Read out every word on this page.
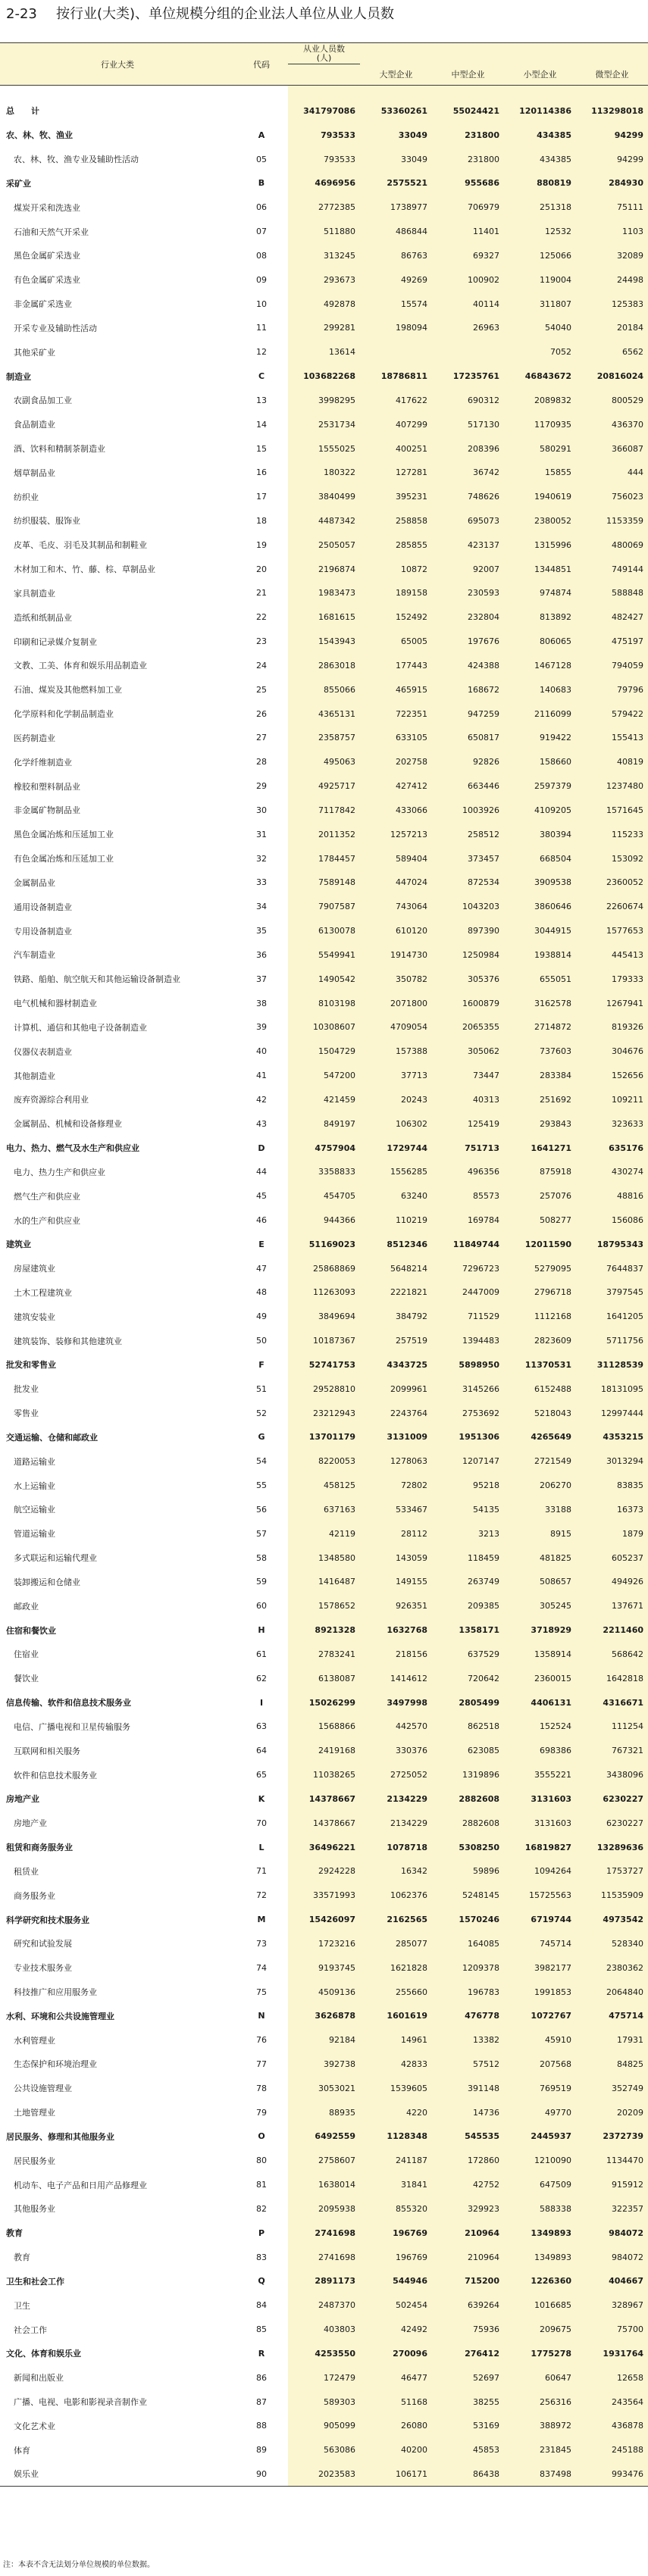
2-23 按行业(大类)、单位规模分组的企业法人单位从业人员数
行业大类	代码	从业人员数
(人)				

			大型企业	中型企业	小型企业	微型企业

总　　计		341797086	53360261	55024421	120114386	113298018
农、林、牧、渔业	A	793533	33049	231800	434385	94299
农、林、牧、渔专业及辅助性活动	05	793533	33049	231800	434385	94299
采矿业	B	4696956	2575521	955686	880819	284930
煤炭开采和洗选业	06	2772385	1738977	706979	251318	75111
石油和天然气开采业	07	511880	486844	11401	12532	1103
黑色金属矿采选业	08	313245	86763	69327	125066	32089
有色金属矿采选业	09	293673	49269	100902	119004	24498
非金属矿采选业	10	492878	15574	40114	311807	125383
开采专业及辅助性活动	11	299281	198094	26963	54040	20184
其他采矿业	12	13614			7052	6562
制造业	C	103682268	18786811	17235761	46843672	20816024
农副食品加工业	13	3998295	417622	690312	2089832	800529
食品制造业	14	2531734	407299	517130	1170935	436370
酒、饮料和精制茶制造业	15	1555025	400251	208396	580291	366087
烟草制品业	16	180322	127281	36742	15855	444
纺织业	17	3840499	395231	748626	1940619	756023
纺织服装、服饰业	18	4487342	258858	695073	2380052	1153359
皮革、毛皮、羽毛及其制品和制鞋业	19	2505057	285855	423137	1315996	480069
木材加工和木、竹、藤、棕、草制品业	20	2196874	10872	92007	1344851	749144
家具制造业	21	1983473	189158	230593	974874	588848
造纸和纸制品业	22	1681615	152492	232804	813892	482427
印刷和记录媒介复制业	23	1543943	65005	197676	806065	475197
文教、工美、体育和娱乐用品制造业	24	2863018	177443	424388	1467128	794059
石油、煤炭及其他燃料加工业	25	855066	465915	168672	140683	79796
化学原料和化学制品制造业	26	4365131	722351	947259	2116099	579422
医药制造业	27	2358757	633105	650817	919422	155413
化学纤维制造业	28	495063	202758	92826	158660	40819
橡胶和塑料制品业	29	4925717	427412	663446	2597379	1237480
非金属矿物制品业	30	7117842	433066	1003926	4109205	1571645
黑色金属冶炼和压延加工业	31	2011352	1257213	258512	380394	115233
有色金属冶炼和压延加工业	32	1784457	589404	373457	668504	153092
金属制品业	33	7589148	447024	872534	3909538	2360052
通用设备制造业	34	7907587	743064	1043203	3860646	2260674
专用设备制造业	35	6130078	610120	897390	3044915	1577653
汽车制造业	36	5549941	1914730	1250984	1938814	445413
铁路、船舶、航空航天和其他运输设备制造业	37	1490542	350782	305376	655051	179333
电气机械和器材制造业	38	8103198	2071800	1600879	3162578	1267941
计算机、通信和其他电子设备制造业	39	10308607	4709054	2065355	2714872	819326
仪器仪表制造业	40	1504729	157388	305062	737603	304676
其他制造业	41	547200	37713	73447	283384	152656
废弃资源综合利用业	42	421459	20243	40313	251692	109211
金属制品、机械和设备修理业	43	849197	106302	125419	293843	323633
电力、热力、燃气及水生产和供应业	D	4757904	1729744	751713	1641271	635176
电力、热力生产和供应业	44	3358833	1556285	496356	875918	430274
燃气生产和供应业	45	454705	63240	85573	257076	48816
水的生产和供应业	46	944366	110219	169784	508277	156086
建筑业	E	51169023	8512346	11849744	12011590	18795343
房屋建筑业	47	25868869	5648214	7296723	5279095	7644837
土木工程建筑业	48	11263093	2221821	2447009	2796718	3797545
建筑安装业	49	3849694	384792	711529	1112168	1641205
建筑装饰、装修和其他建筑业	50	10187367	257519	1394483	2823609	5711756
批发和零售业	F	52741753	4343725	5898950	11370531	31128539
批发业	51	29528810	2099961	3145266	6152488	18131095
零售业	52	23212943	2243764	2753692	5218043	12997444
交通运输、仓储和邮政业	G	13701179	3131009	1951306	4265649	4353215
道路运输业	54	8220053	1278063	1207147	2721549	3013294
水上运输业	55	458125	72802	95218	206270	83835
航空运输业	56	637163	533467	54135	33188	16373
管道运输业	57	42119	28112	3213	8915	1879
多式联运和运输代理业	58	1348580	143059	118459	481825	605237
装卸搬运和仓储业	59	1416487	149155	263749	508657	494926
邮政业	60	1578652	926351	209385	305245	137671
住宿和餐饮业	H	8921328	1632768	1358171	3718929	2211460
住宿业	61	2783241	218156	637529	1358914	568642
餐饮业	62	6138087	1414612	720642	2360015	1642818
信息传输、软件和信息技术服务业	I	15026299	3497998	2805499	4406131	4316671
电信、广播电视和卫星传输服务	63	1568866	442570	862518	152524	111254
互联网和相关服务	64	2419168	330376	623085	698386	767321
软件和信息技术服务业	65	11038265	2725052	1319896	3555221	3438096
房地产业	K	14378667	2134229	2882608	3131603	6230227
房地产业	70	14378667	2134229	2882608	3131603	6230227
租赁和商务服务业	L	36496221	1078718	5308250	16819827	13289636
租赁业	71	2924228	16342	59896	1094264	1753727
商务服务业	72	33571993	1062376	5248145	15725563	11535909
科学研究和技术服务业	M	15426097	2162565	1570246	6719744	4973542
研究和试验发展	73	1723216	285077	164085	745714	528340
专业技术服务业	74	9193745	1621828	1209378	3982177	2380362
科技推广和应用服务业	75	4509136	255660	196783	1991853	2064840
水利、环境和公共设施管理业	N	3626878	1601619	476778	1072767	475714
水利管理业	76	92184	14961	13382	45910	17931
生态保护和环境治理业	77	392738	42833	57512	207568	84825
公共设施管理业	78	3053021	1539605	391148	769519	352749
土地管理业	79	88935	4220	14736	49770	20209
居民服务、修理和其他服务业	O	6492559	1128348	545535	2445937	2372739
居民服务业	80	2758607	241187	172860	1210090	1134470
机动车、电子产品和日用产品修理业	81	1638014	31841	42752	647509	915912
其他服务业	82	2095938	855320	329923	588338	322357
教育	P	2741698	196769	210964	1349893	984072
教育	83	2741698	196769	210964	1349893	984072
卫生和社会工作	Q	2891173	544946	715200	1226360	404667
卫生	84	2487370	502454	639264	1016685	328967
社会工作	85	403803	42492	75936	209675	75700
文化、体育和娱乐业	R	4253550	270096	276412	1775278	1931764
新闻和出版业	86	172479	46477	52697	60647	12658
广播、电视、电影和影视录音制作业	87	589303	51168	38255	256316	243564
文化艺术业	88	905099	26080	53169	388972	436878
体育	89	563086	40200	45853	231845	245188
娱乐业	90	2023583	106171	86438	837498	993476
注：本表不含无法划分单位规模的单位数据。
